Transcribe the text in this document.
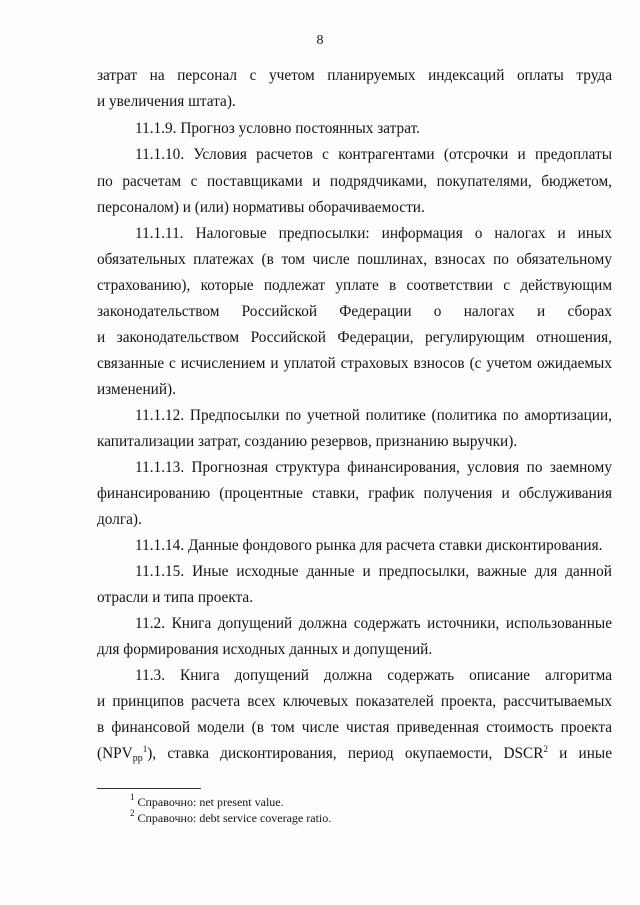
8
затрат на персонал с учетом планируемых индексаций оплаты труда
и увеличения штата).
11.1.9. Прогноз условно постоянных затрат.
11.1.10. Условия расчетов с контрагентами (отсрочки и предоплаты
по расчетам с поставщиками и подрядчиками, покупателями, бюджетом,
персоналом) и (или) нормативы оборачиваемости.
11.1.11. Налоговые предпосылки: информация о налогах и иных
обязательных платежах (в том числе пошлинах, взносах по обязательному
страхованию), которые подлежат уплате в соответствии с действующим
законодательством Российской Федерации о налогах и сборах
и законодательством Российской Федерации, регулирующим отношения,
связанные с исчислением и уплатой страховых взносов (с учетом ожидаемых
изменений).
11.1.12. Предпосылки по учетной политике (политика по амортизации,
капитализации затрат, созданию резервов, признанию выручки).
11.1.13. Прогнозная структура финансирования, условия по заемному
финансированию (процентные ставки, график получения и обслуживания
долга).
11.1.14. Данные фондового рынка для расчета ставки дисконтирования.
11.1.15. Иные исходные данные и предпосылки, важные для данной
отрасли и типа проекта.
11.2. Книга допущений должна содержать источники, использованные
для формирования исходных данных и допущений.
11.3. Книга допущений должна содержать описание алгоритма
и принципов расчета всех ключевых показателей проекта, рассчитываемых
в финансовой модели (в том числе чистая приведенная стоимость проекта
$(NPV_{pp}^1)$, ставка дисконтирования, период окупаемости, DSCR$^2$ и иные
$^1$ Справочно: net present value.
$^2$ Справочно: debt service coverage ratio.
